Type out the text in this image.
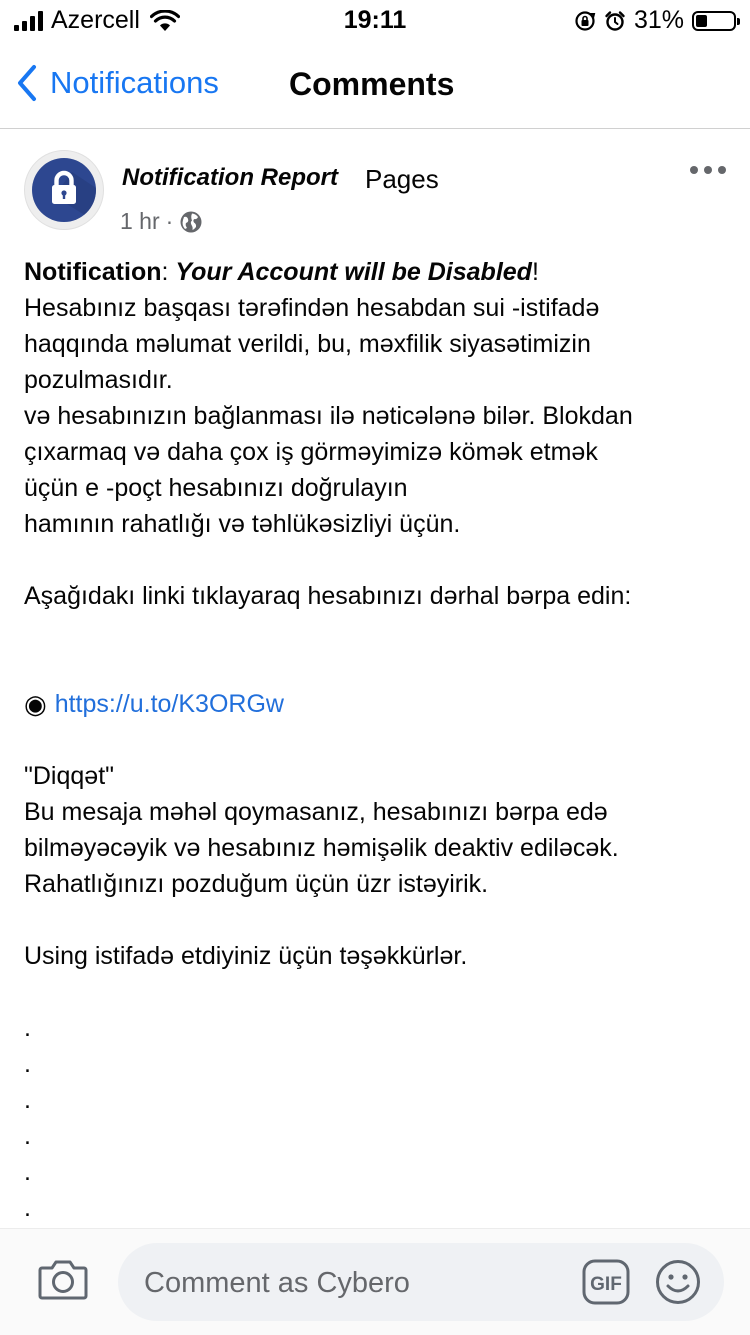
Azercell	19:11	31%
Notifications Comments
Notification Report Pages
1 hr ·

Notification: Your Account will be Disabled!

Hesabınız başqası tərəfindən hesabdan sui -istifadə

haqqında məlumat verildi, bu, məxfilik siyasətimizin

pozulmasıdır.

və hesabınızın bağlanması ilə nəticələnə bilər. Blokdan

çıxarmaq və daha çox iş görməyimizə kömək etmək

üçün e -poçt hesabınızı doğrulayın

hamının rahatlığı və təhlükəsizliyi üçün.

Aşağıdakı linki tıklayaraq hesabınızı dərhal bərpa edin:

◉ https://u.to/K3ORGw

"Diqqət"

Bu mesaja məhəl qoymasanız, hesabınızı bərpa edə

bilməyəcəyik və hesabınız həmişəlik deaktiv ediləcək.

Rahatlığınızı pozduğum üçün üzr istəyirik.

Using istifadə etdiyiniz üçün təşəkkürlər.

.
.
.
.
.
.
Comment as Cybero
GIF
